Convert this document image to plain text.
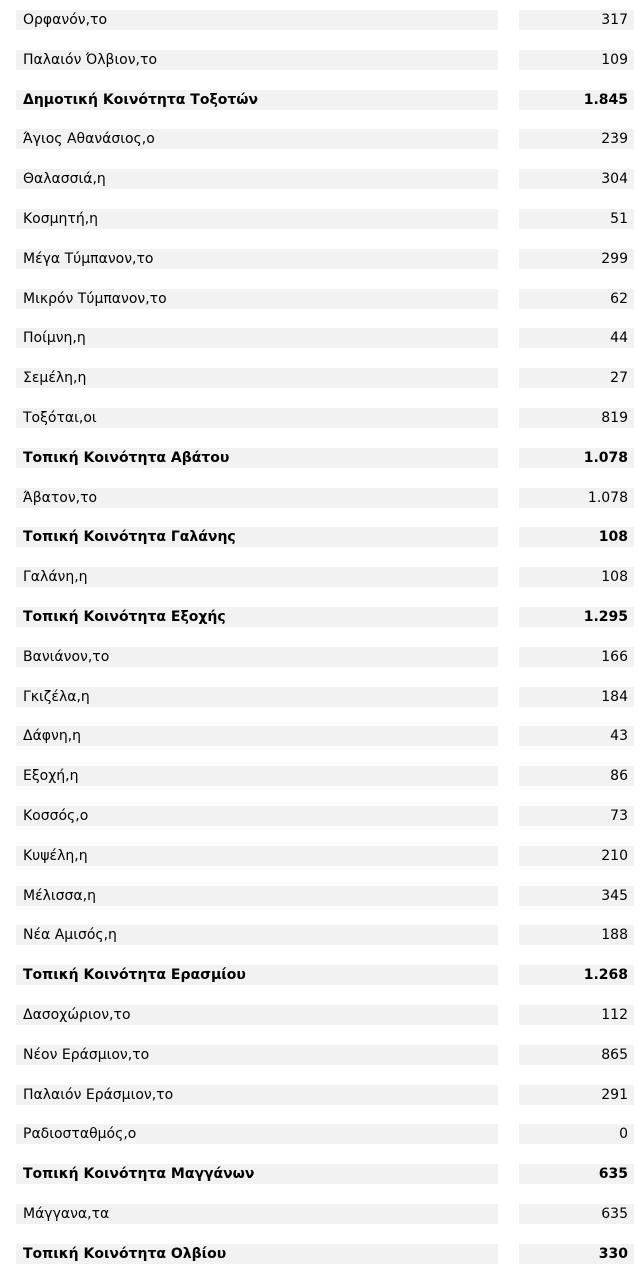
Ορφανόν,το	317
Παλαιόν Όλβιον,το	109
Δημοτική Κοινότητα Τοξοτών	1.845
Άγιος Αθανάσιος,ο	239
Θαλασσιά,η	304
Κοσμητή,η	51
Μέγα Τύμπανον,το	299
Μικρόν Τύμπανον,το	62
Ποίμνη,η	44
Σεμέλη,η	27
Τοξόται,οι	819
Τοπική Κοινότητα Αβάτου	1.078
Άβατον,το	1.078
Τοπική Κοινότητα Γαλάνης	108
Γαλάνη,η	108
Τοπική Κοινότητα Εξοχής	1.295
Βανιάνον,το	166
Γκιζέλα,η	184
Δάφνη,η	43
Εξοχή,η	86
Κοσσός,ο	73
Κυψέλη,η	210
Μέλισσα,η	345
Νέα Αμισός,η	188
Τοπική Κοινότητα Ερασμίου	1.268
Δασοχώριον,το	112
Νέον Εράσμιον,το	865
Παλαιόν Εράσμιον,το	291
Ραδιοσταθμός,ο	0
Τοπική Κοινότητα Μαγγάνων	635
Μάγγανα,τα	635
Τοπική Κοινότητα Ολβίου	330
